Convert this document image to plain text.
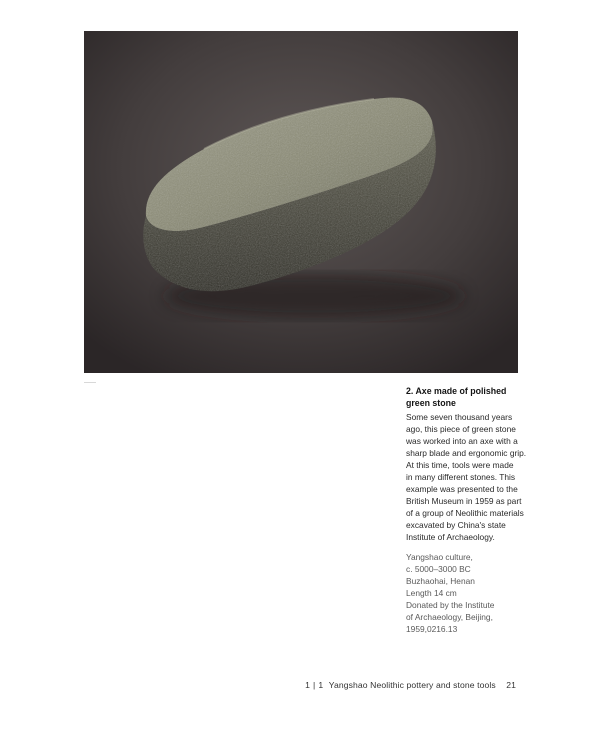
2. Axe made of polished
green stone
Some seven thousand years
ago, this piece of green stone
was worked into an axe with a
sharp blade and ergonomic grip.
At this time, tools were made
in many different stones. This
example was presented to the
British Museum in 1959 as part
of a group of Neolithic materials
excavated by China's state
Institute of Archaeology.
Yangshao culture,
c. 5000–3000 BC
Buzhaohai, Henan
Length 14 cm
Donated by the Institute
of Archaeology, Beijing,
1959,0216.13
1 | 1 Yangshao Neolithic pottery and stone tools 21
